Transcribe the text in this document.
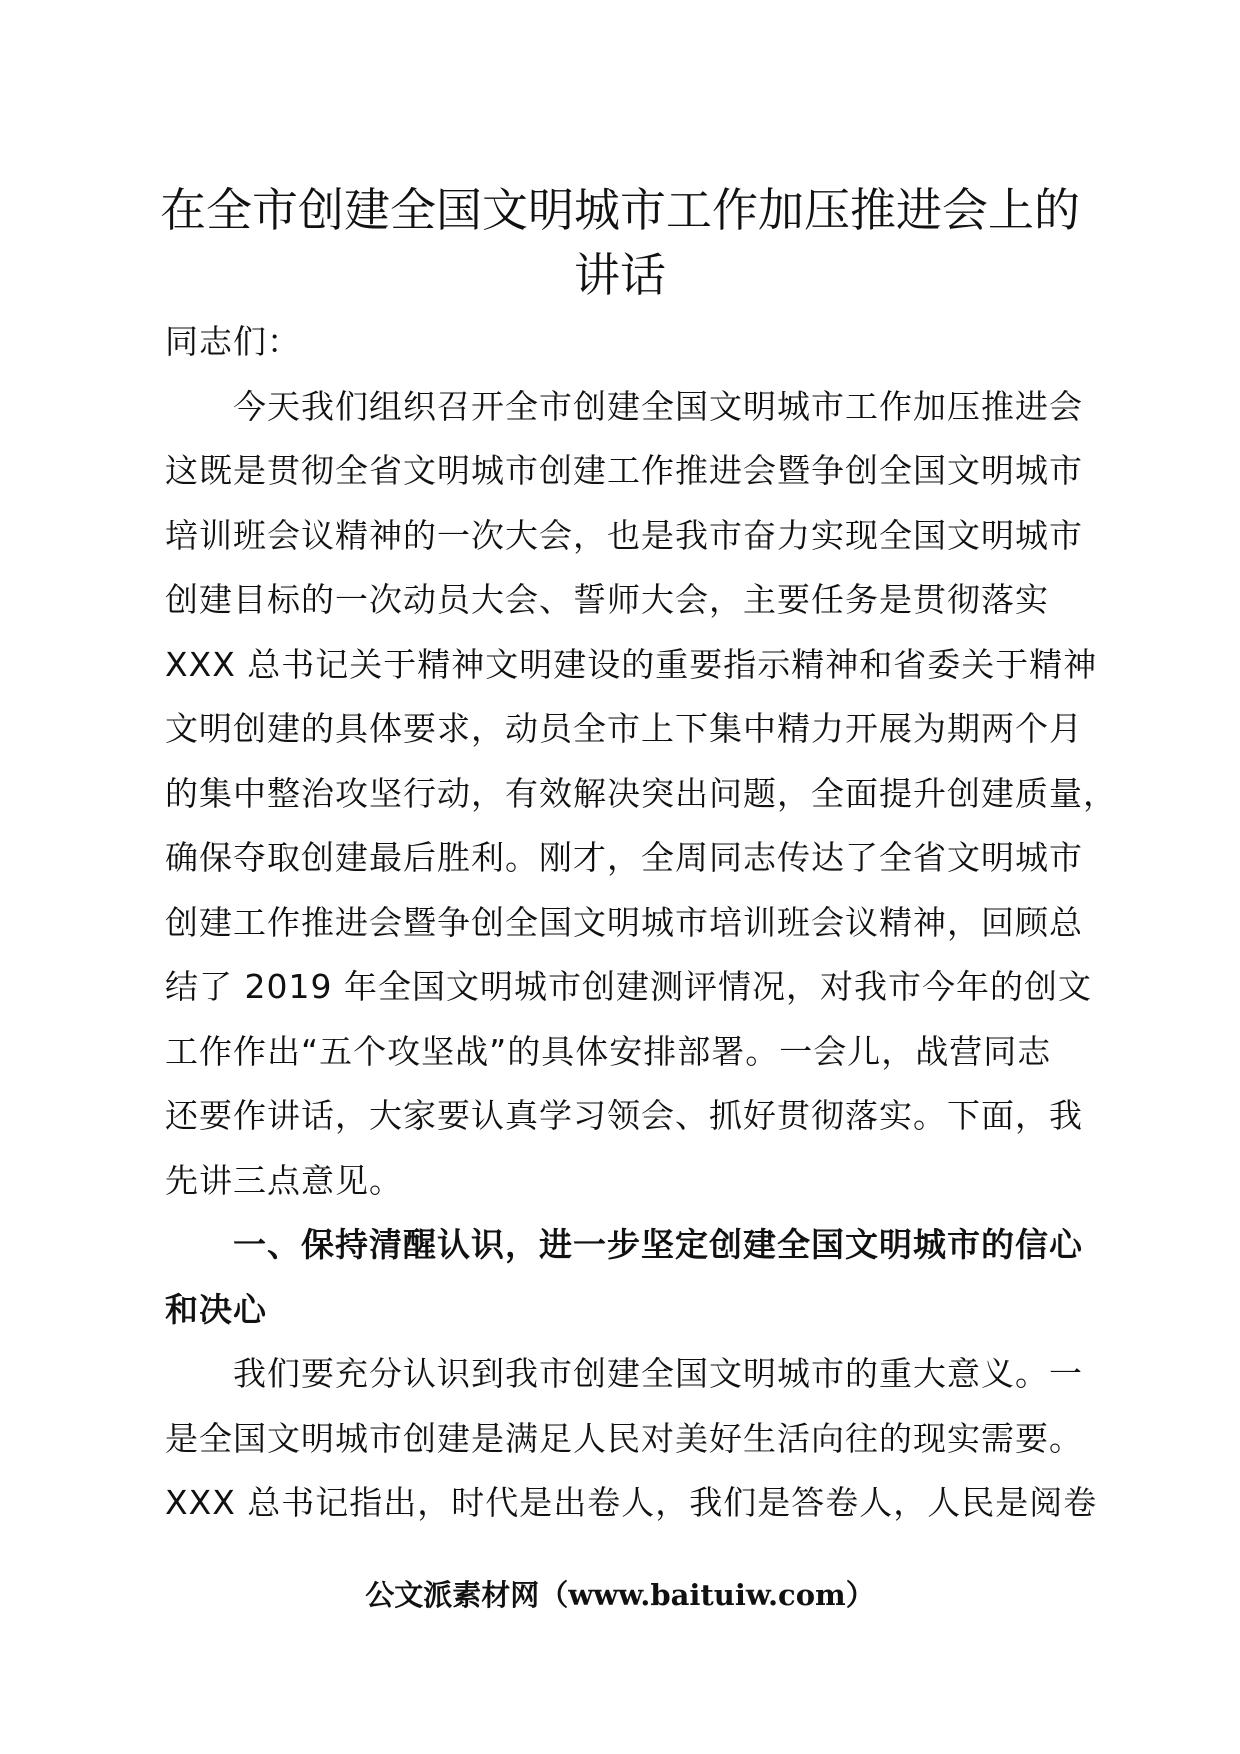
在全市创建全国文明城市工作加压推进会上的
讲话

同志们：

　　今天我们组织召开全市创建全国文明城市工作加压推进会

这既是贯彻全省文明城市创建工作推进会暨争创全国文明城市

培训班会议精神的一次大会，也是我市奋力实现全国文明城市

创建目标的一次动员大会、誓师大会，主要任务是贯彻落实

XXX 总书记关于精神文明建设的重要指示精神和省委关于精神

文明创建的具体要求，动员全市上下集中精力开展为期两个月

的集中整治攻坚行动，有效解决突出问题，全面提升创建质量，

确保夺取创建最后胜利。刚才，全周同志传达了全省文明城市

创建工作推进会暨争创全国文明城市培训班会议精神，回顾总

结了 2019 年全国文明城市创建测评情况，对我市今年的创文

工作作出“五个攻坚战”的具体安排部署。一会儿，战营同志

还要作讲话，大家要认真学习领会、抓好贯彻落实。下面，我

先讲三点意见。

　　一、保持清醒认识，进一步坚定创建全国文明城市的信心

和决心

　　我们要充分认识到我市创建全国文明城市的重大意义。一

是全国文明城市创建是满足人民对美好生活向往的现实需要。

XXX 总书记指出，时代是出卷人，我们是答卷人，人民是阅卷

公文派素材网（www.baituiw.com）
